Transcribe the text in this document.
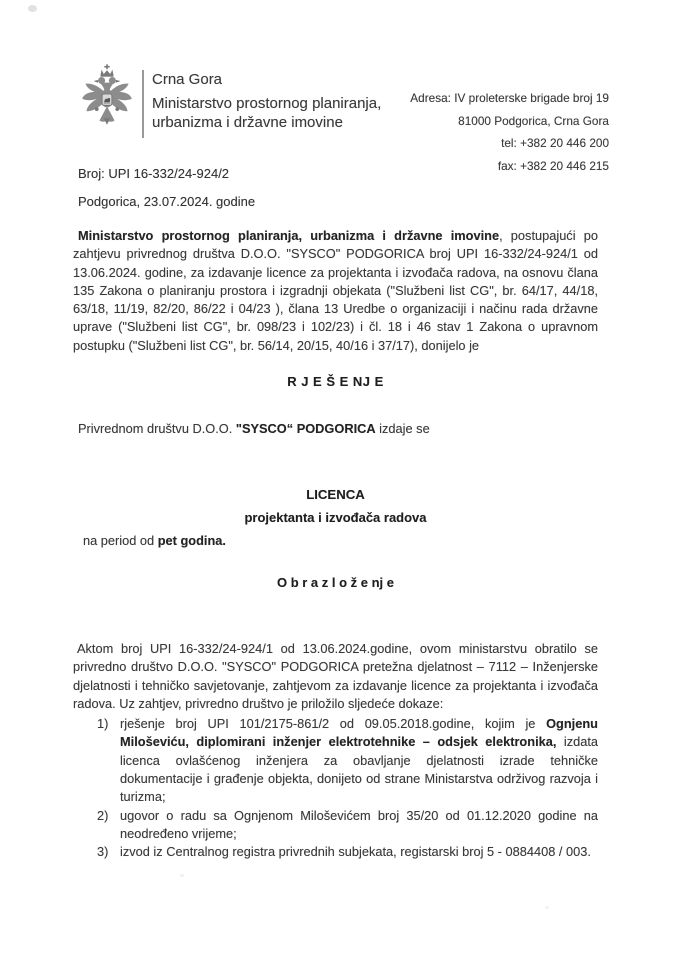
Crna Gora
Ministarstvo prostornog planiranja,
urbanizma i državne imovine
Adresa: IV proleterske brigade broj 19
81000 Podgorica, Crna Gora
tel: +382 20 446 200
fax: +382 20 446 215
Broj: UPI 16-332/24-924/2
Podgorica, 23.07.2024. godine

Ministarstvo prostornog planiranja, urbanizma i državne imovine, postupajući po zahtjevu privrednog društva D.O.O. "SYSCO" PODGORICA broj UPI 16-332/24-924/1 od 13.06.2024. godine, za izdavanje licence za projektanta i izvođača radova, na osnovu člana 135 Zakona o planiranju prostora i izgradnji objekata ("Službeni list CG", br. 64/17, 44/18, 63/18, 11/19, 82/20, 86/22 i 04/23 ), člana 13 Uredbe o organizaciji i načinu rada državne uprave ("Službeni list CG", br. 098/23 i 102/23) i čl. 18 i 46 stav 1 Zakona o upravnom postupku ("Službeni list CG", br. 56/14, 20/15, 40/16 i 37/17), donijelo je

R J E Š E NJ E

Privrednom društvu D.O.O. "SYSCO“ PODGORICA izdaje se

LICENCA
projektanta i izvođača radova

na period od pet godina.

O b r a z l o ž e nj e

Aktom broj UPI 16-332/24-924/1 od 13.06.2024.godine, ovom ministarstvu obratilo se privredno društvo D.O.O. "SYSCO" PODGORICA pretežna djelatnost – 7112 – Inženjerske djelatnosti i tehničko savjetovanje, zahtjevom za izdavanje licence za projektanta i izvođača radova. Uz zahtjev, privredno društvo je priložilo sljedeće dokaze:

1) rješenje broj UPI 101/2175-861/2 od 09.05.2018.godine, kojim je Ognjenu Miloševiću, diplomirani inženjer elektrotehnike – odsjek elektronika, izdata licenca ovlašćenog inženjera za obavljanje djelatnosti izrade tehničke dokumentacije i građenje objekta, donijeto od strane Ministarstva održivog razvoja i turizma;
2) ugovor o radu sa Ognjenom Miloševićem broj 35/20 od 01.12.2020 godine na neodređeno vrijeme;
3) izvod iz Centralnog registra privrednih subjekata, registarski broj 5 - 0884408 / 003.
